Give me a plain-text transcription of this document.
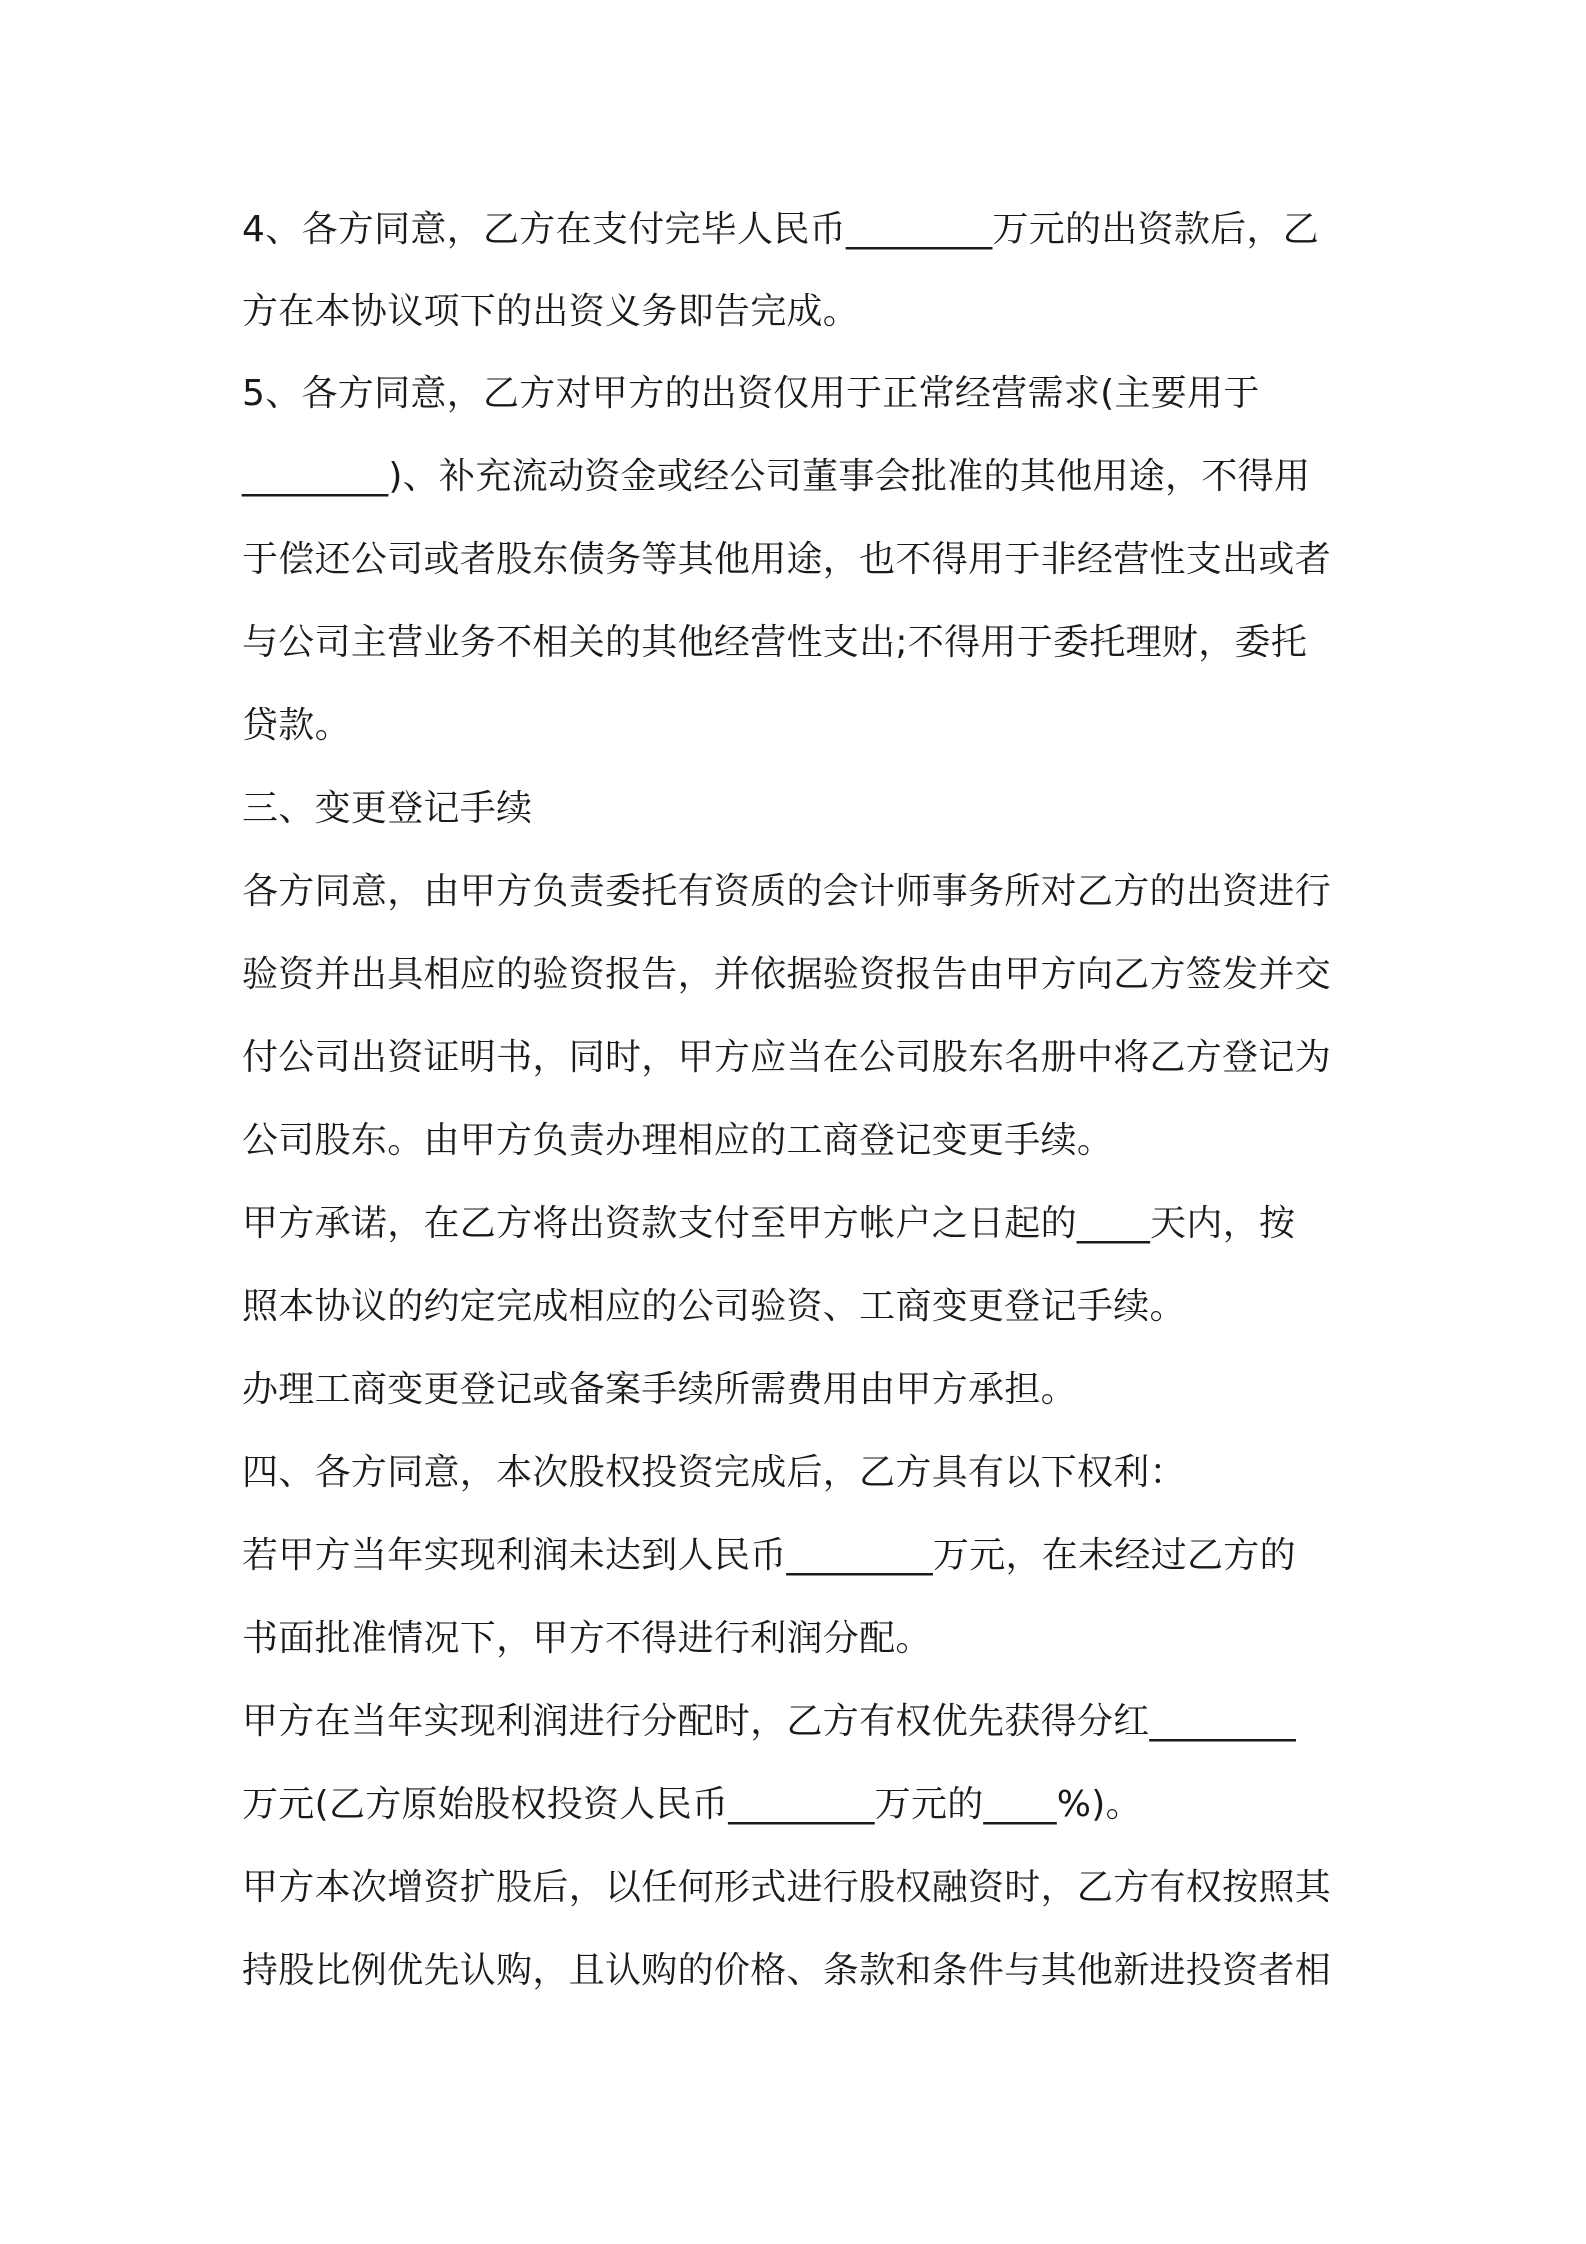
4、各方同意，乙方在支付完毕人民币________万元的出资款后，乙
方在本协议项下的出资义务即告完成。
5、各方同意，乙方对甲方的出资仅用于正常经营需求(主要用于
________)、补充流动资金或经公司董事会批准的其他用途，不得用
于偿还公司或者股东债务等其他用途，也不得用于非经营性支出或者
与公司主营业务不相关的其他经营性支出;不得用于委托理财，委托
贷款。
三、变更登记手续
各方同意，由甲方负责委托有资质的会计师事务所对乙方的出资进行
验资并出具相应的验资报告，并依据验资报告由甲方向乙方签发并交
付公司出资证明书，同时，甲方应当在公司股东名册中将乙方登记为
公司股东。由甲方负责办理相应的工商登记变更手续。
甲方承诺，在乙方将出资款支付至甲方帐户之日起的____天内，按
照本协议的约定完成相应的公司验资、工商变更登记手续。
办理工商变更登记或备案手续所需费用由甲方承担。
四、各方同意，本次股权投资完成后，乙方具有以下权利：
若甲方当年实现利润未达到人民币________万元，在未经过乙方的
书面批准情况下，甲方不得进行利润分配。
甲方在当年实现利润进行分配时，乙方有权优先获得分红________
万元(乙方原始股权投资人民币________万元的____%)。
甲方本次增资扩股后，以任何形式进行股权融资时，乙方有权按照其
持股比例优先认购，且认购的价格、条款和条件与其他新进投资者相
